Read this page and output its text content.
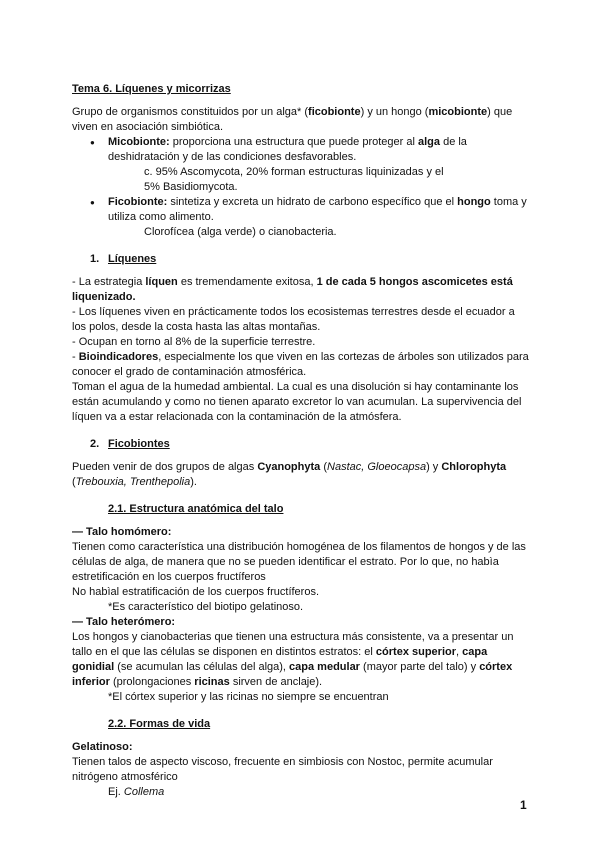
Tema 6. Líquenes y micorrizas

Grupo de organismos constituidos por un alga* (ficobionte) y un hongo (micobionte) que viven en asociación simbiótica.

● Micobionte: proporciona una estructura que puede proteger al alga de la deshidratación y de las condiciones desfavorables.
c. 95% Ascomycota, 20% forman estructuras liquinizadas y el 5% Basidiomycota.
● Ficobionte: sintetiza y excreta un hidrato de carbono específico que el hongo toma y utiliza como alimento.
Clorofícea (alga verde) o cianobacteria.
1. Líquenes

- La estrategia líquen es tremendamente exitosa, 1 de cada 5 hongos ascomicetes está liquenizado.

- Los líquenes viven en prácticamente todos los ecosistemas terrestres desde el ecuador a los polos, desde la costa hasta las altas montañas.

- Ocupan en torno al 8% de la superficie terrestre.

- Bioindicadores, especialmente los que viven en las cortezas de árboles son utilizados para conocer el grado de contaminación atmosférica.

Toman el agua de la humedad ambiental. La cual es una disolución si hay contaminante los están acumulando y como no tienen aparato excretor lo van acumulan. La supervivencia del líquen va a estar relacionada con la contaminación de la atmósfera.

2. Ficobiontes

Pueden venir de dos grupos de algas Cyanophyta (Nastac, Gloeocapsa) y Chlorophyta (Trebouxia, Trenthepolia).

2.1. Estructura anatómica del talo

— Talo homómero:

Tienen como característica una distribución homogénea de los filamentos de hongos y de las células de alga, de manera que no se pueden identificar el estrato. Por lo que, no habìa estretificación en los cuerpos fructíferos

No habìal estratificación de los cuerpos fructíferos.

*Es característico del biotipo gelatinoso.

— Talo heterómero:

Los hongos y cianobacterias que tienen una estructura más consistente, va a presentar un tallo en el que las células se disponen en distintos estratos: el córtex superior, capa gonidial (se acumulan las células del alga), capa medular (mayor parte del talo) y córtex inferior (prolongaciones ricinas sirven de anclaje).

*El córtex superior y las ricinas no siempre se encuentran

2.2. Formas de vida

Gelatinoso:

Tienen talos de aspecto viscoso, frecuente en simbiosis con Nostoc, permite acumular nitrógeno atmosférico

Ej. Collema

1
